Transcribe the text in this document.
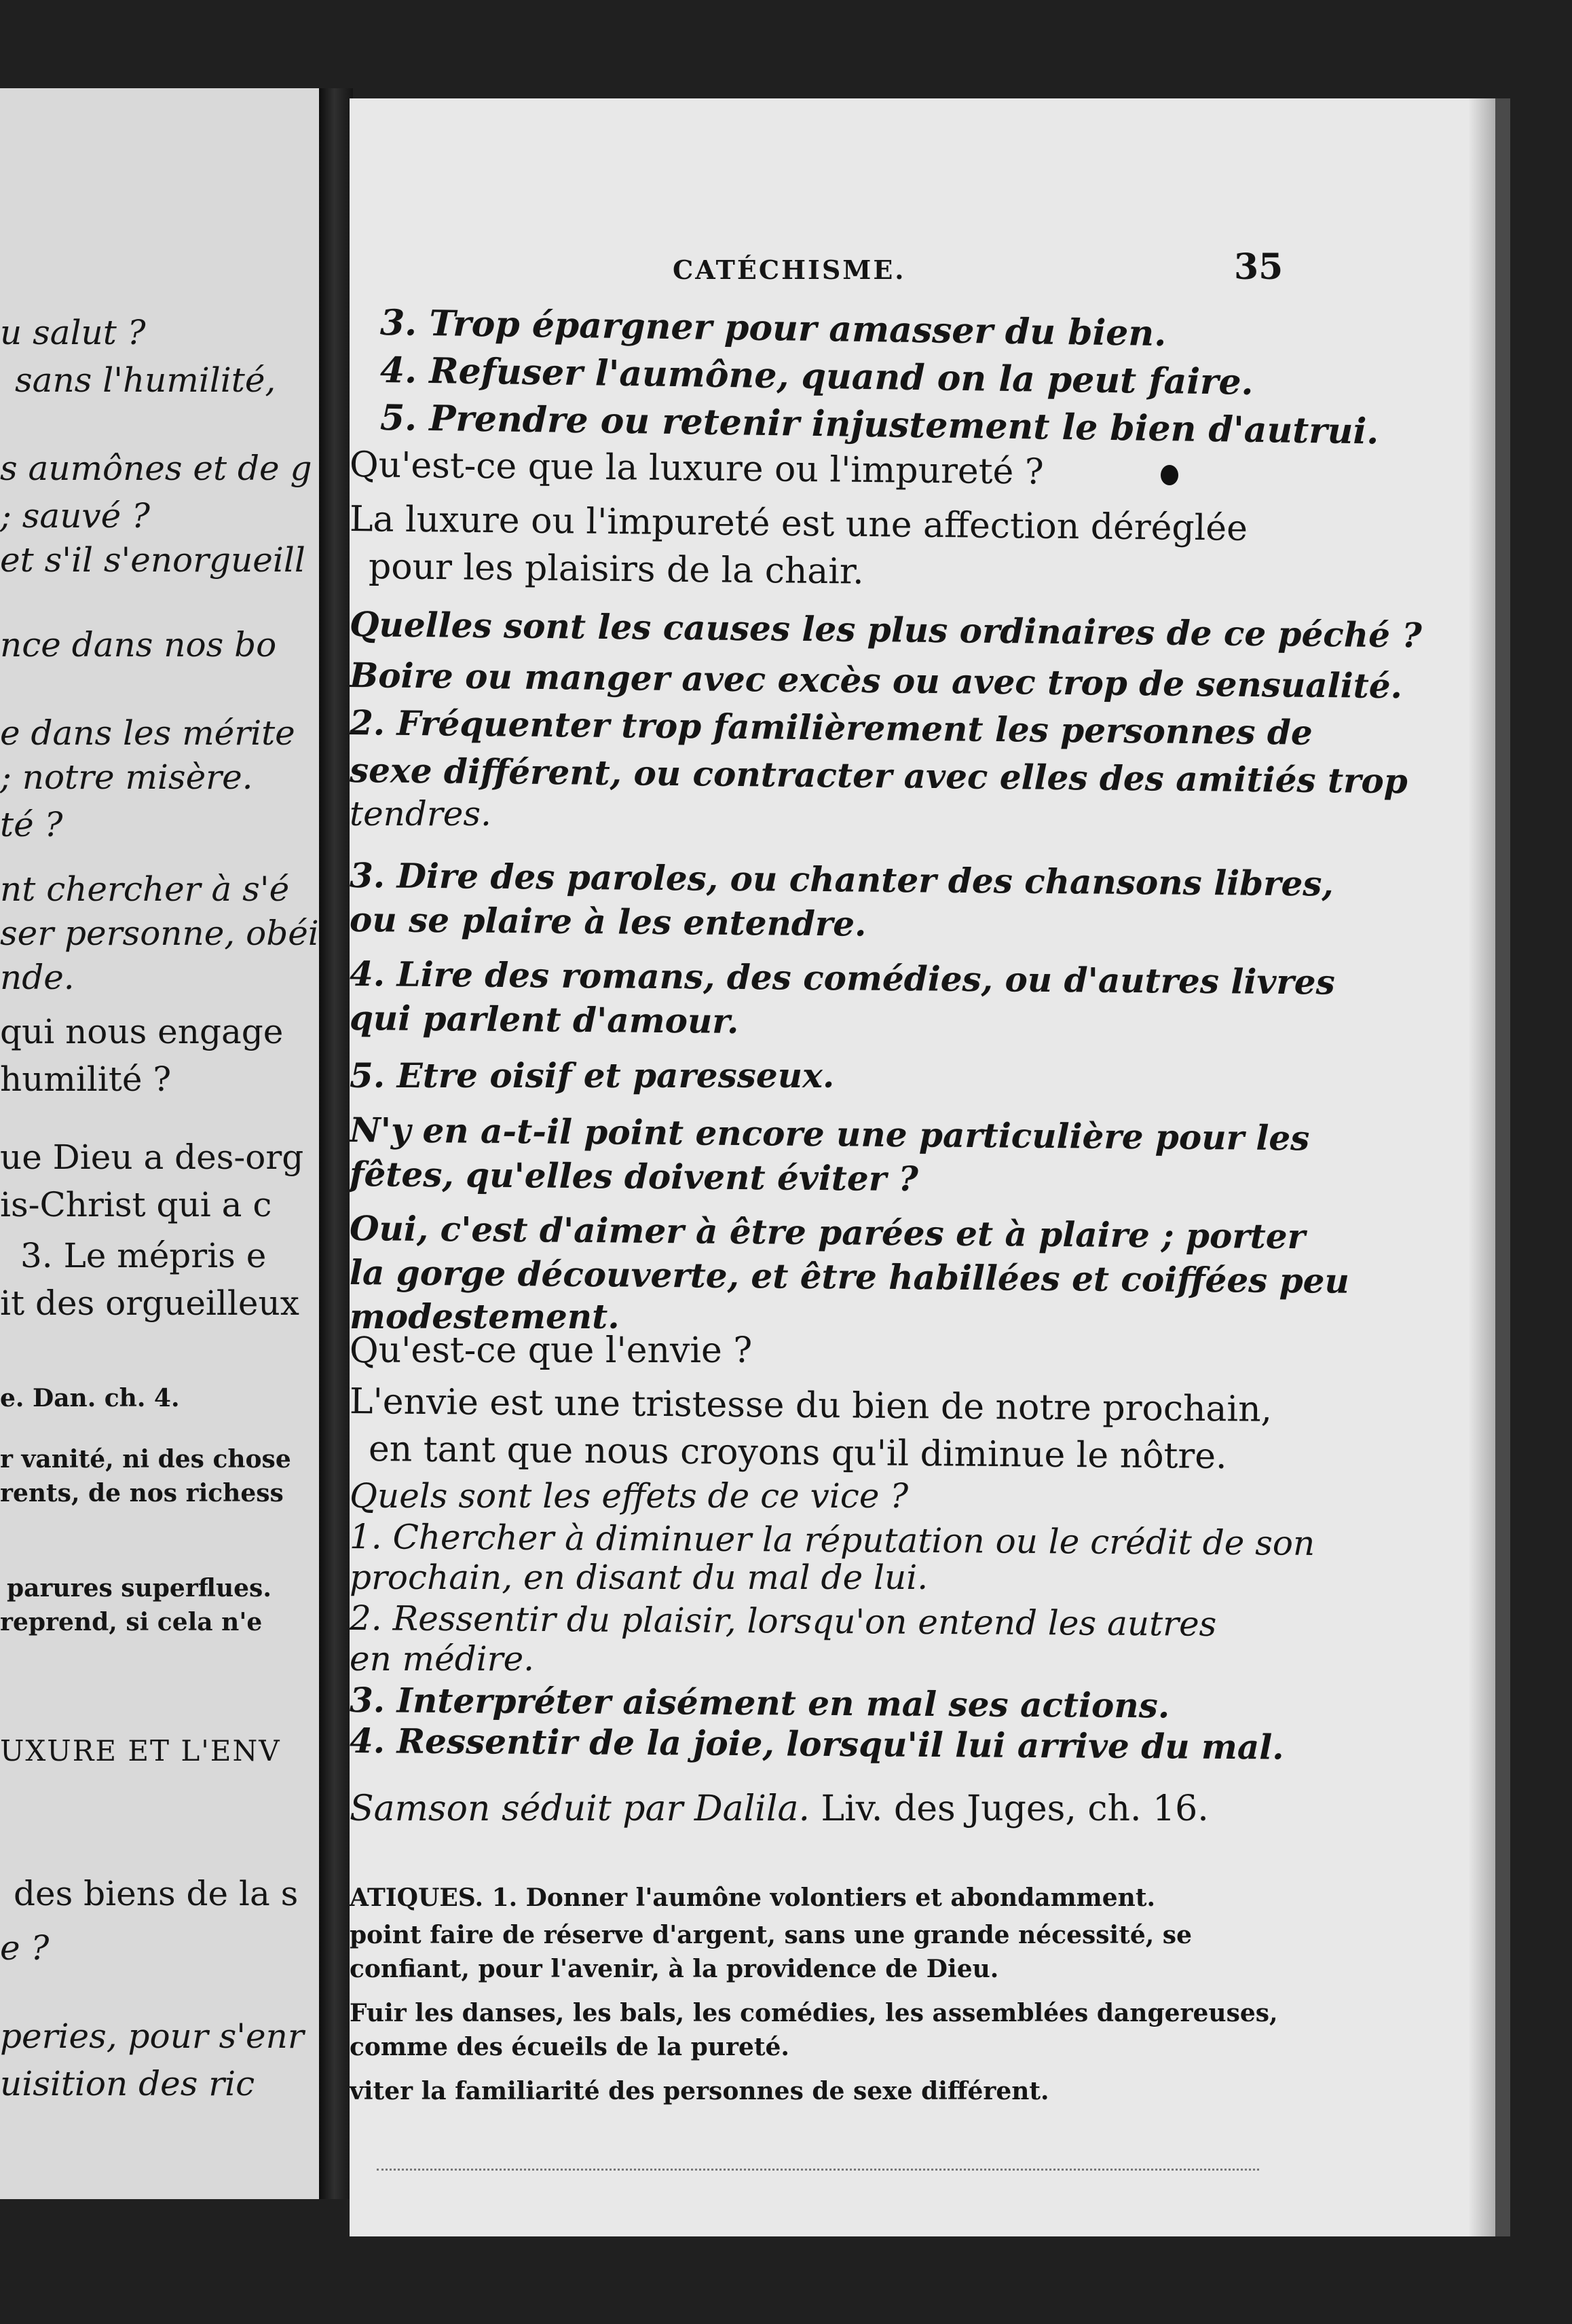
u salut ?
sans l'humilité,
s aumônes et de g
; sauvé ?
et s'il s'enorgueill
nce dans nos bo
e dans les mérite
; notre misère.
té ?
nt chercher à s'é
ser personne, obéi
nde.
qui nous engage
humilité ?
ue Dieu a des-org
is-Christ qui a c
3. Le mépris e
it des orgueilleux
e. Dan. ch. 4.
r vanité, ni des chose
rents, de nos richess
parures superflues.
reprend, si cela n'e
UXURE ET L'ENV
des biens de la s
e ?
peries, pour s'enr
uisition des ric
CATÉCHISME.	35
3. Trop épargner pour amasser du bien.
4. Refuser l'aumône, quand on la peut faire.
5. Prendre ou retenir injustement le bien d'autrui.
Qu'est-ce que la luxure ou l'impureté ?
La luxure ou l'impureté est une affection déréglée
pour les plaisirs de la chair.
Quelles sont les causes les plus ordinaires de ce péché ?
Boire ou manger avec excès ou avec trop de sensualité.
2. Fréquenter trop familièrement les personnes de
sexe différent, ou contracter avec elles des amitiés trop
tendres.
3. Dire des paroles, ou chanter des chansons libres,
ou se plaire à les entendre.
4. Lire des romans, des comédies, ou d'autres livres
qui parlent d'amour.
5. Etre oisif et paresseux.
N'y en a-t-il point encore une particulière pour les
fêtes, qu'elles doivent éviter ?
Oui, c'est d'aimer à être parées et à plaire ; porter
la gorge découverte, et être habillées et coiffées peu
modestement.
Qu'est-ce que l'envie ?
L'envie est une tristesse du bien de notre prochain,
en tant que nous croyons qu'il diminue le nôtre.
Quels sont les effets de ce vice ?
1. Chercher à diminuer la réputation ou le crédit de son
prochain, en disant du mal de lui.
2. Ressentir du plaisir, lorsqu'on entend les autres
en médire.
3. Interpréter aisément en mal ses actions.
4. Ressentir de la joie, lorsqu'il lui arrive du mal.
Samson séduit par Dalila. Liv. des Juges, ch. 16.
ATIQUES. 1. Donner l'aumône volontiers et abondamment.
point faire de réserve d'argent, sans une grande nécessité, se
confiant, pour l'avenir, à la providence de Dieu.
Fuir les danses, les bals, les comédies, les assemblées dangereuses,
comme des écueils de la pureté.
viter la familiarité des personnes de sexe différent.
